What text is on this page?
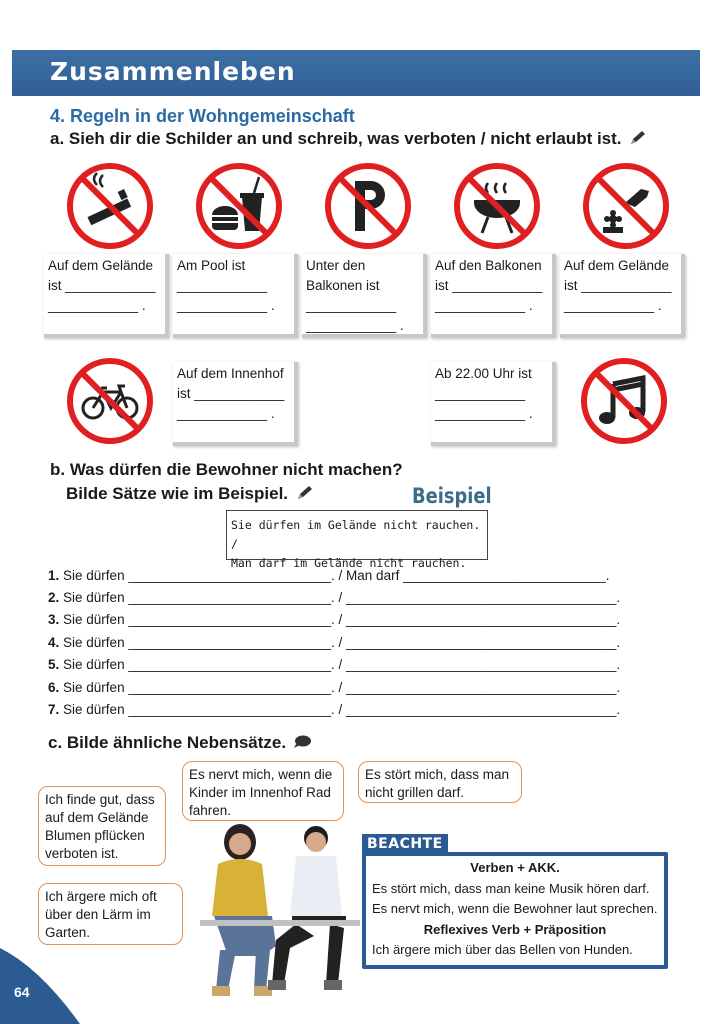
Zusammenleben
4. Regeln in der Wohngemeinschaft
a. Sieh dir die Schilder an und schreib, was verboten / nicht erlaubt ist.
Auf dem Gelände
ist ____________
____________ .
Am Pool ist
____________
____________ .
Unter den
Balkonen ist
____________
____________ .
Auf den Balkonen
ist ____________
____________ .
Auf dem Gelände
ist ____________
____________ .
Auf dem Innenhof
ist ____________
____________ .
Ab 22.00 Uhr ist
____________
____________ .
b. Was dürfen die Bewohner nicht machen?
Bilde Sätze wie im Beispiel.	Beispiel
Sie dürfen im Gelände nicht rauchen. /
Man darf im Gelände nicht rauchen.
1. Sie dürfen ___________________________. / Man darf ___________________________.
2. Sie dürfen ___________________________. / ____________________________________.
3. Sie dürfen ___________________________. / ____________________________________.
4. Sie dürfen ___________________________. / ____________________________________.
5. Sie dürfen ___________________________. / ____________________________________.
6. Sie dürfen ___________________________. / ____________________________________.
7. Sie dürfen ___________________________. / ____________________________________.
c. Bilde ähnliche Nebensätze.
Ich finde gut, dass auf dem Gelände Blumen pflücken verboten ist.
Es nervt mich, wenn die Kinder im Innenhof Rad fahren.
Es stört mich, dass man nicht grillen darf.
Ich ärgere mich oft über den Lärm im Garten.
BEACHTE
Verben + AKK.
Es stört mich, dass man keine Musik hören darf.
Es nervt mich, wenn die Bewohner laut sprechen.
Reflexives Verb + Präposition
Ich ärgere mich über das Bellen von Hunden.
64
